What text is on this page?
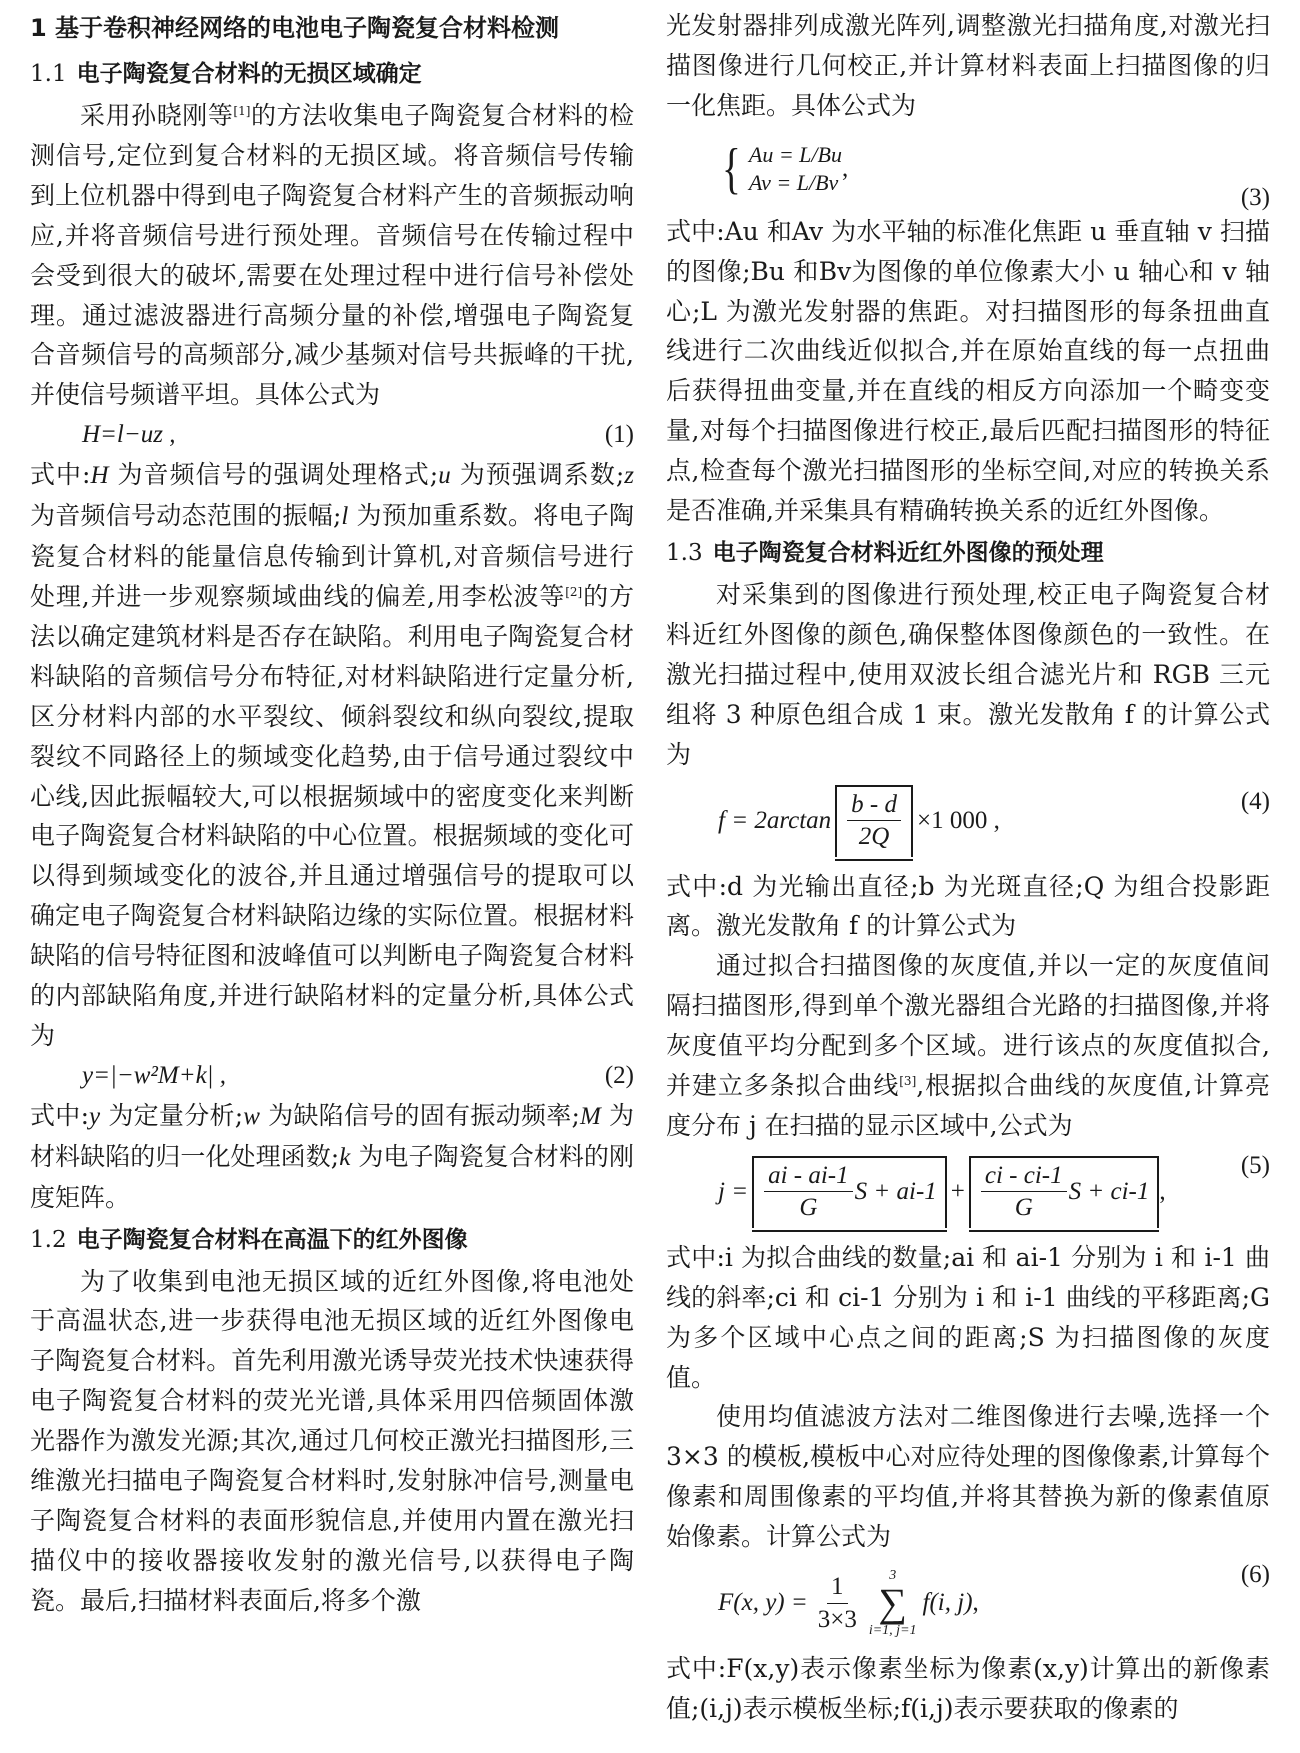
1 基于卷积神经网络的电池电子陶瓷复合材料检测
1.1 电子陶瓷复合材料的无损区域确定

采用孙晓刚等[1]的方法收集电子陶瓷复合材料的检测信号,定位到复合材料的无损区域。将音频信号传输到上位机器中得到电子陶瓷复合材料产生的音频振动响应,并将音频信号进行预处理。音频信号在传输过程中会受到很大的破坏,需要在处理过程中进行信号补偿处理。通过滤波器进行高频分量的补偿,增强电子陶瓷复合音频信号的高频部分,减少基频对信号共振峰的干扰,并使信号频谱平坦。具体公式为

H=l−uz ,	(1)

式中:H 为音频信号的强调处理格式;u 为预强调系数;z 为音频信号动态范围的振幅;l 为预加重系数。将电子陶瓷复合材料的能量信息传输到计算机,对音频信号进行处理,并进一步观察频域曲线的偏差,用李松波等[2]的方法以确定建筑材料是否存在缺陷。利用电子陶瓷复合材料缺陷的音频信号分布特征,对材料缺陷进行定量分析,区分材料内部的水平裂纹、倾斜裂纹和纵向裂纹,提取裂纹不同路径上的频域变化趋势,由于信号通过裂纹中心线,因此振幅较大,可以根据频域中的密度变化来判断电子陶瓷复合材料缺陷的中心位置。根据频域的变化可以得到频域变化的波谷,并且通过增强信号的提取可以确定电子陶瓷复合材料缺陷边缘的实际位置。根据材料缺陷的信号特征图和波峰值可以判断电子陶瓷复合材料的内部缺陷角度,并进行缺陷材料的定量分析,具体公式为

y=|−w²M+k| ,	(2)

式中:y 为定量分析;w 为缺陷信号的固有振动频率;M 为材料缺陷的归一化处理函数;k 为电子陶瓷复合材料的刚度矩阵。

1.2 电子陶瓷复合材料在高温下的红外图像

为了收集到电池无损区域的近红外图像,将电池处于高温状态,进一步获得电池无损区域的近红外图像电子陶瓷复合材料。首先利用激光诱导荧光技术快速获得电子陶瓷复合材料的荧光光谱,具体采用四倍频固体激光器作为激发光源;其次,通过几何校正激光扫描图形,三维激光扫描电子陶瓷复合材料时,发射脉冲信号,测量电子陶瓷复合材料的表面形貌信息,并使用内置在激光扫描仪中的接收器接收发射的激光信号,以获得电子陶瓷。最后,扫描材料表面后,将多个激

光发射器排列成激光阵列,调整激光扫描角度,对激光扫描图像进行几何校正,并计算材料表面上扫描图像的归一化焦距。具体公式为

{ Au = L/Bu
Av = L/Bv
,
(3)

式中:Au 和Av 为水平轴的标准化焦距 u 垂直轴 v 扫描的图像;Bu 和Bv为图像的单位像素大小 u 轴心和 v 轴心;L 为激光发射器的焦距。对扫描图形的每条扭曲直线进行二次曲线近似拟合,并在原始直线的每一点扭曲后获得扭曲变量,并在直线的相反方向添加一个畸变变量,对每个扫描图像进行校正,最后匹配扫描图形的特征点,检查每个激光扫描图形的坐标空间,对应的转换关系是否准确,并采集具有精确转换关系的近红外图像。

1.3 电子陶瓷复合材料近红外图像的预处理

对采集到的图像进行预处理,校正电子陶瓷复合材料近红外图像的颜色,确保整体图像颜色的一致性。在激光扫描过程中,使用双波长组合滤光片和 RGB 三元组将 3 种原色组合成 1 束。激光发散角 f 的计算公式为

$f = 2\arctan \frac{b - d}{2Q} \times 1$ 000 ,
(4)

式中:d 为光输出直径;b 为光斑直径;Q 为组合投影距离。激光发散角 f 的计算公式为

通过拟合扫描图像的灰度值,并以一定的灰度值间隔扫描图形,得到单个激光器组合光路的扫描图像,并将灰度值平均分配到多个区域。进行该点的灰度值拟合,并建立多条拟合曲线[3],根据拟合曲线的灰度值,计算亮度分布 j 在扫描的显示区域中,公式为

$j = \frac{ai - ai-1}{G}$ $S + ai-1 + \frac{ci - ci-1}{G}$ S + ci-1 ,
(5)

式中:i 为拟合曲线的数量;ai 和 ai-1 分别为 i 和 i-1 曲线的斜率;ci 和 ci-1 分别为 i 和 i-1 曲线的平移距离;G 为多个区域中心点之间的距离;S 为扫描图像的灰度值。

使用均值滤波方法对二维图像进行去噪,选择一个 3×3 的模板,模板中心对应待处理的图像像素,计算每个像素和周围像素的平均值,并将其替换为新的像素值原始像素。计算公式为

F(x, $y) = \frac{1}{3\times 3} 3$
∑
i=1, j=1
f(i, j) ,
(6)

式中:F(x,y)表示像素坐标为像素(x,y)计算出的新像素值;(i,j)表示模板坐标;f(i,j)表示要获取的像素的
